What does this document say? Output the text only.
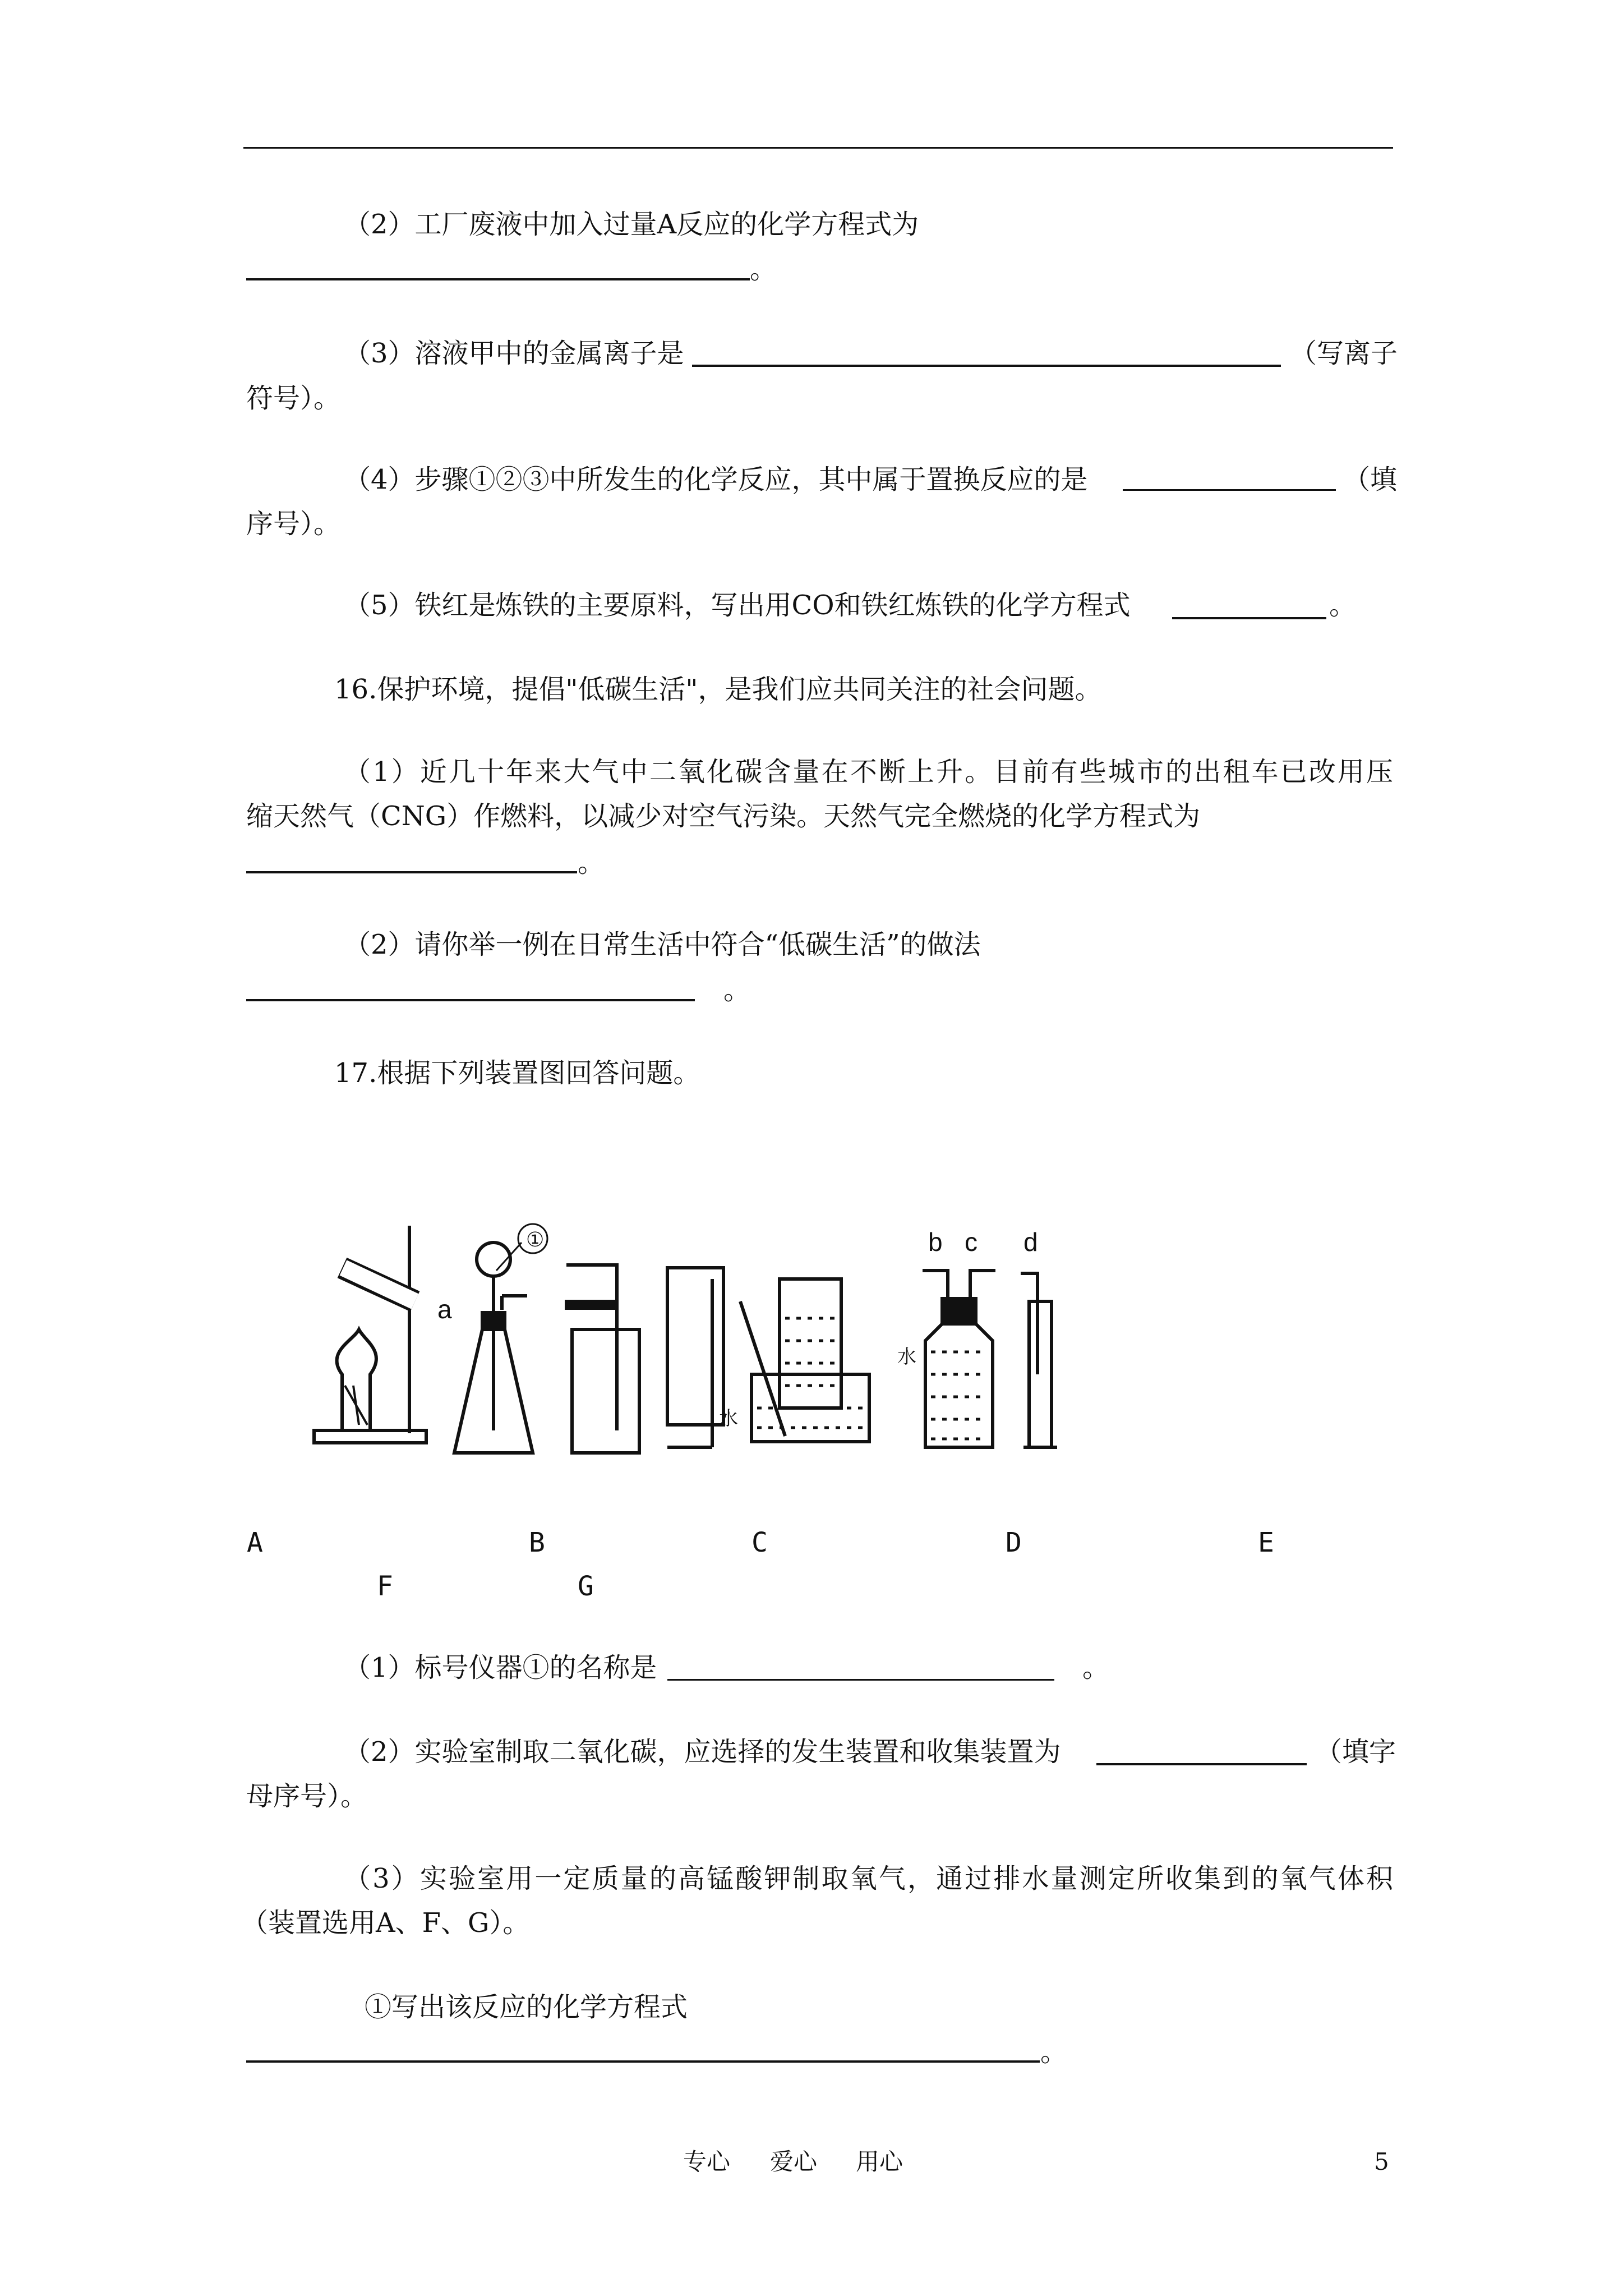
（2）工厂废液中加入过量A反应的化学方程式为
。
（3）溶液甲中的金属离子是	（写离子
符号）。
（4）步骤①②③中所发生的化学反应，其中属于置换反应的是	（填
序号）。
（5）铁红是炼铁的主要原料，写出用CO和铁红炼铁的化学方程式	。
16.保护环境，提倡"低碳生活"，是我们应共同关注的社会问题。
（1）近几十年来大气中二氧化碳含量在不断上升。目前有些城市的出租车已改用压
缩天然气（CNG）作燃料，以减少对空气污染。天然气完全燃烧的化学方程式为
。
（2）请你举一例在日常生活中符合“低碳生活”的做法
。
17.根据下列装置图回答问题。
a
①
水
b c
水
d
A	B	C	D	E
F	G
（1）标号仪器①的名称是	。
（2）实验室制取二氧化碳，应选择的发生装置和收集装置为	（填字
母序号）。
（3）实验室用一定质量的高锰酸钾制取氧气，通过排水量测定所收集到的氧气体积
（装置选用A、F、G）。
①写出该反应的化学方程式
。
专心 爱心 用心	5
